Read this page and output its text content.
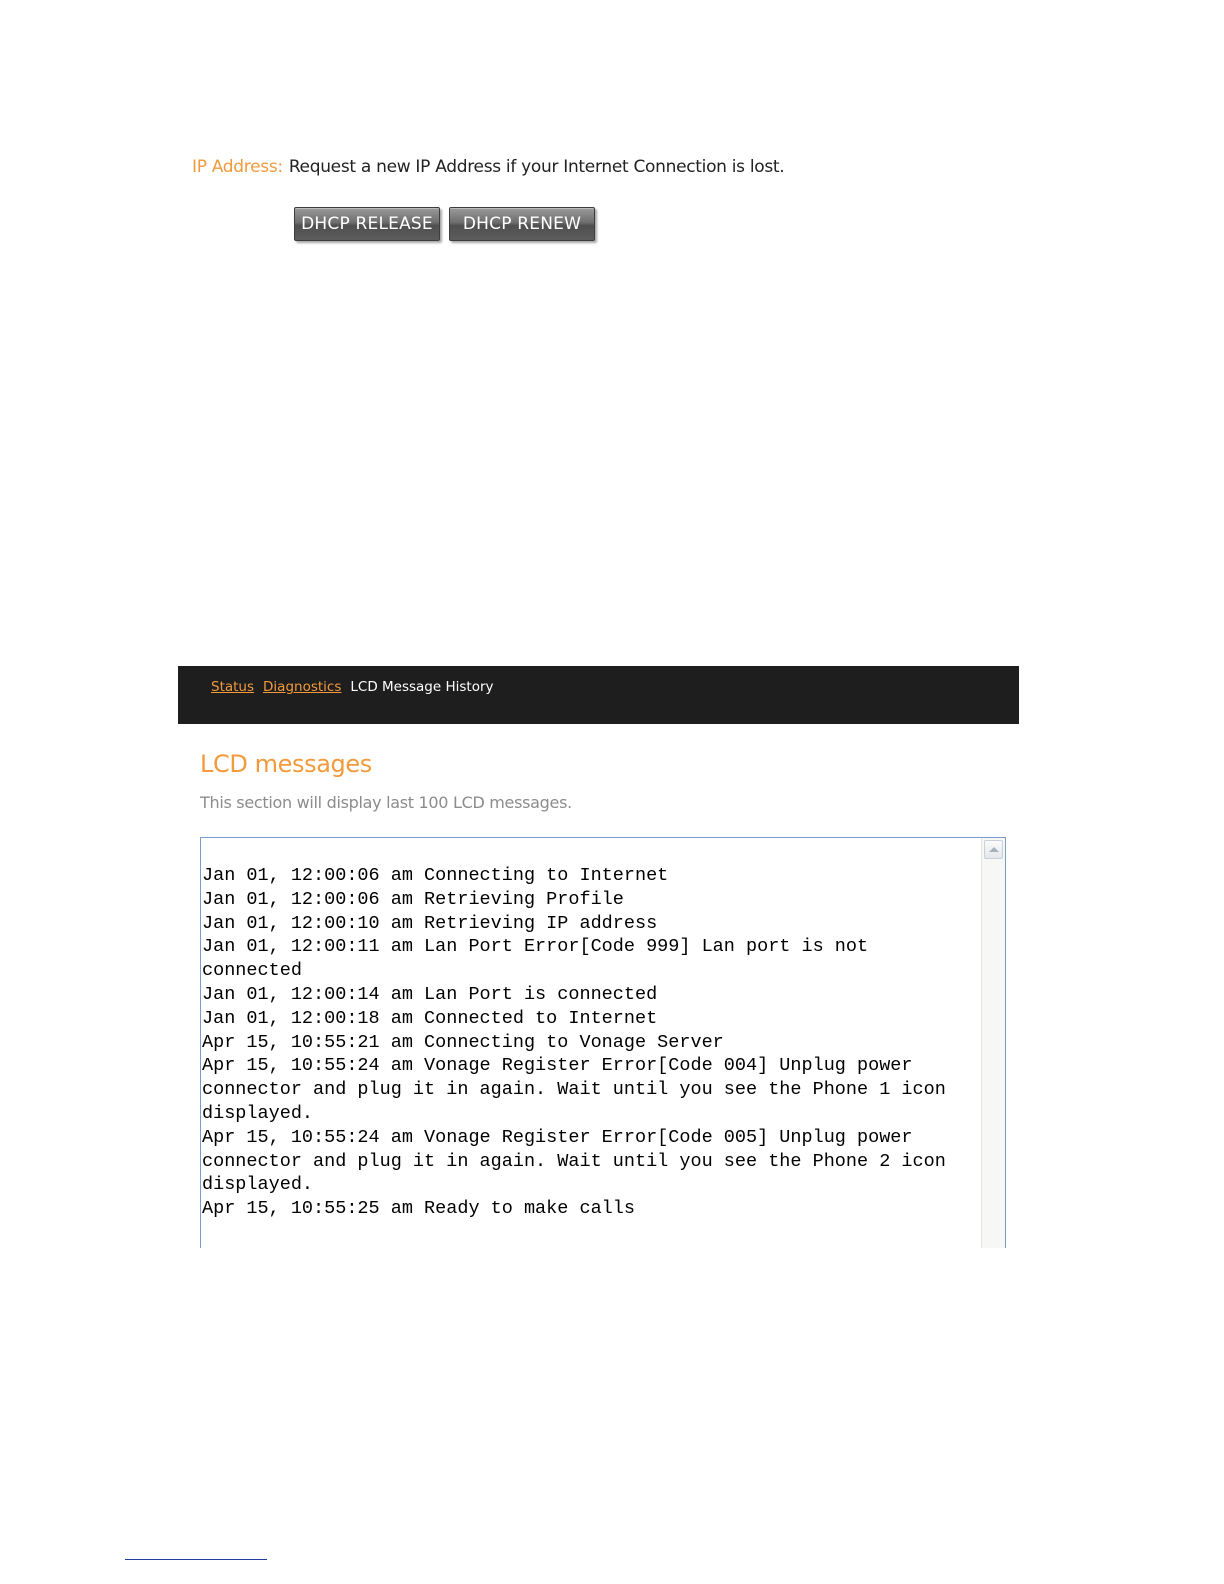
IP Address: Request a new IP Address if your Internet Connection is lost.
DHCP RELEASE	DHCP RENEW
Status Diagnostics LCD Message History
LCD messages
This section will display last 100 LCD messages.
Jan 01, 12:00:06 am Connecting to Internet
Jan 01, 12:00:06 am Retrieving Profile
Jan 01, 12:00:10 am Retrieving IP address
Jan 01, 12:00:11 am Lan Port Error[Code 999] Lan port is not connected
Jan 01, 12:00:14 am Lan Port is connected
Jan 01, 12:00:18 am Connected to Internet
Apr 15, 10:55:21 am Connecting to Vonage Server
Apr 15, 10:55:24 am Vonage Register Error[Code 004] Unplug power connector and plug it in again. Wait until you see the Phone 1 icon displayed.
Apr 15, 10:55:24 am Vonage Register Error[Code 005] Unplug power connector and plug it in again. Wait until you see the Phone 2 icon displayed.
Apr 15, 10:55:25 am Ready to make calls
